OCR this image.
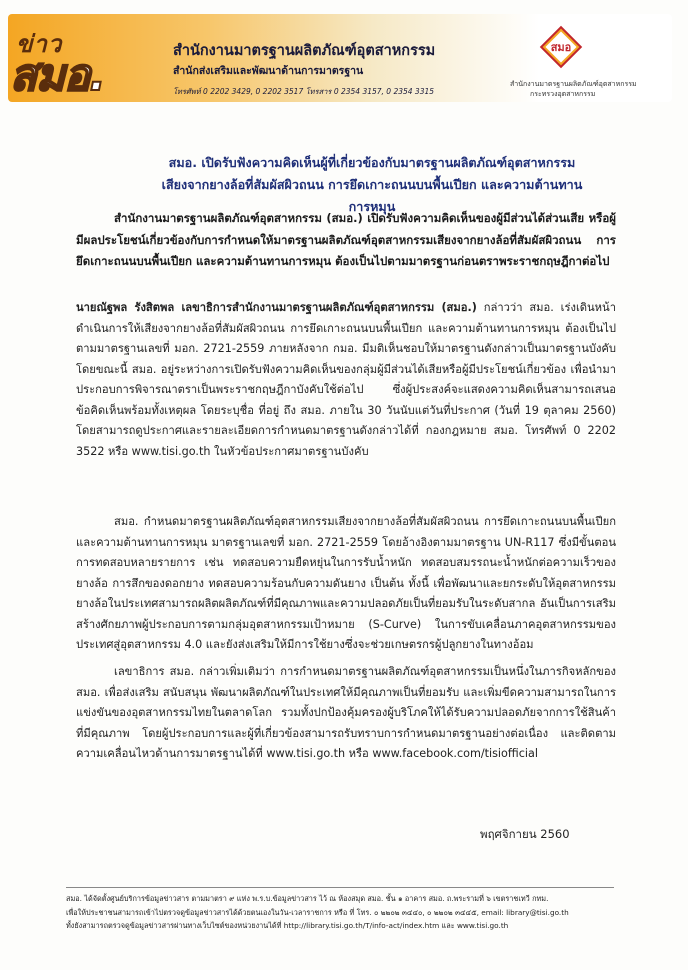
ข่าว
สมอ.	สำนักงานมาตรฐานผลิตภัณฑ์อุตสาหกรรม
สำนักส่งเสริมและพัฒนาด้านการมาตรฐาน
โทรศัพท์ 0 2202 3429, 0 2202 3517 โทรสาร 0 2354 3157, 0 2354 3315
สมอ
สำนักงานมาตรฐานผลิตภัณฑ์อุตสาหกรรม
กระทรวงอุตสาหกรรม
สมอ. เปิดรับฟังความคิดเห็นผู้ที่เกี่ยวข้องกับมาตรฐานผลิตภัณฑ์อุตสาหกรรม
เสียงจากยางล้อที่สัมผัสผิวถนน การยึดเกาะถนนบนพื้นเปียก และความต้านทานการหมุน
สำนักงานมาตรฐานผลิตภัณฑ์อุตสาหกรรม (สมอ.) เปิดรับฟังความคิดเห็นของผู้มีส่วนได้ส่วนเสีย หรือผู้มีผลประโยชน์เกี่ยวข้องกับการกำหนดให้มาตรฐานผลิตภัณฑ์อุตสาหกรรมเสียงจากยางล้อที่สัมผัสผิวถนน การยึดเกาะถนนบนพื้นเปียก และความต้านทานการหมุน ต้องเป็นไปตามมาตรฐานก่อนตราพระราชกฤษฎีกาต่อไป
นายณัฐพล รังสิตพล เลขาธิการสำนักงานมาตรฐานผลิตภัณฑ์อุตสาหกรรม (สมอ.) กล่าวว่า สมอ. เร่งเดินหน้าดำเนินการให้เสียงจากยางล้อที่สัมผัสผิวถนน การยึดเกาะถนนบนพื้นเปียก และความต้านทานการหมุน ต้องเป็นไปตามมาตรฐานเลขที่ มอก. 2721-2559 ภายหลังจาก กมอ. มีมติเห็นชอบให้มาตรฐานดังกล่าวเป็นมาตรฐานบังคับ โดยขณะนี้ สมอ. อยู่ระหว่างการเปิดรับฟังความคิดเห็นของกลุ่มผู้มีส่วนได้เสียหรือผู้มีประโยชน์เกี่ยวข้อง เพื่อนำมาประกอบการพิจารณาตราเป็นพระราชกฤษฎีกาบังคับใช้ต่อไป ซึ่งผู้ประสงค์จะแสดงความคิดเห็นสามารถเสนอข้อคิดเห็นพร้อมทั้งเหตุผล โดยระบุชื่อ ที่อยู่ ถึง สมอ. ภายใน 30 วันนับแต่วันที่ประกาศ (วันที่ 19 ตุลาคม 2560) โดยสามารถดูประกาศและรายละเอียดการกำหนดมาตรฐานดังกล่าวได้ที่ กองกฎหมาย สมอ. โทรศัพท์ 0 2202 3522 หรือ www.tisi.go.th ในหัวข้อประกาศมาตรฐานบังคับ
สมอ. กำหนดมาตรฐานผลิตภัณฑ์อุตสาหกรรมเสียงจากยางล้อที่สัมผัสผิวถนน การยึดเกาะถนนบนพื้นเปียก และความต้านทานการหมุน มาตรฐานเลขที่ มอก. 2721-2559 โดยอ้างอิงตามมาตรฐาน UN-R117 ซึ่งมีขั้นตอนการทดสอบหลายรายการ เช่น ทดสอบความยืดหยุ่นในการรับน้ำหนัก ทดสอบสมรรถนะน้ำหนักต่อความเร็วของยางล้อ การสึกของดอกยาง ทดสอบความร้อนกับความดันยาง เป็นต้น ทั้งนี้ เพื่อพัฒนาและยกระดับให้อุตสาหกรรมยางล้อในประเทศสามารถผลิตผลิตภัณฑ์ที่มีคุณภาพและความปลอดภัยเป็นที่ยอมรับในระดับสากล อันเป็นการเสริมสร้างศักยภาพผู้ประกอบการตามกลุ่มอุตสาหกรรมเป้าหมาย (S-Curve) ในการขับเคลื่อนภาคอุตสาหกรรมของประเทศสู่อุตสาหกรรม 4.0 และยังส่งเสริมให้มีการใช้ยางซึ่งจะช่วยเกษตรกรผู้ปลูกยางในทางอ้อม
เลขาธิการ สมอ. กล่าวเพิ่มเติมว่า การกำหนดมาตรฐานผลิตภัณฑ์อุตสาหกรรมเป็นหนึ่งในภารกิจหลักของ สมอ. เพื่อส่งเสริม สนับสนุน พัฒนาผลิตภัณฑ์ในประเทศให้มีคุณภาพเป็นที่ยอมรับ และเพิ่มขีดความสามารถในการแข่งขันของอุตสาหกรรมไทยในตลาดโลก รวมทั้งปกป้องคุ้มครองผู้บริโภคให้ได้รับความปลอดภัยจากการใช้สินค้าที่มีคุณภาพ โดยผู้ประกอบการและผู้ที่เกี่ยวข้องสามารถรับทราบการกำหนดมาตรฐานอย่างต่อเนื่อง และติดตามความเคลื่อนไหวด้านการมาตรฐานได้ที่ www.tisi.go.th หรือ www.facebook.com/tisiofficial
พฤศจิกายน 2560
สมอ. ได้จัดตั้งศูนย์บริการข้อมูลข่าวสาร ตามมาตรา ๙ แห่ง พ.ร.บ.ข้อมูลข่าวสาร ไว้ ณ ห้องสมุด สมอ. ชั้น ๑ อาคาร สมอ. ถ.พระรามที่ ๖ เขตราชเทวี กทม.
เพื่อให้ประชาชนสามารถเข้าไปตรวจดูข้อมูลข่าวสารได้ด้วยตนเองในวัน-เวลาราชการ หรือ ที่ โทร. ๐ ๒๒๐๒ ๓๔๔๐, ๐ ๒๒๐๒ ๓๔๔๕, email: library@tisi.go.th
ทั้งยังสามารถตรวจดูข้อมูลข่าวสารผ่านทางเว็บไซต์ของหน่วยงานได้ที่ http://library.tisi.go.th/T/info-act/index.htm และ www.tisi.go.th
